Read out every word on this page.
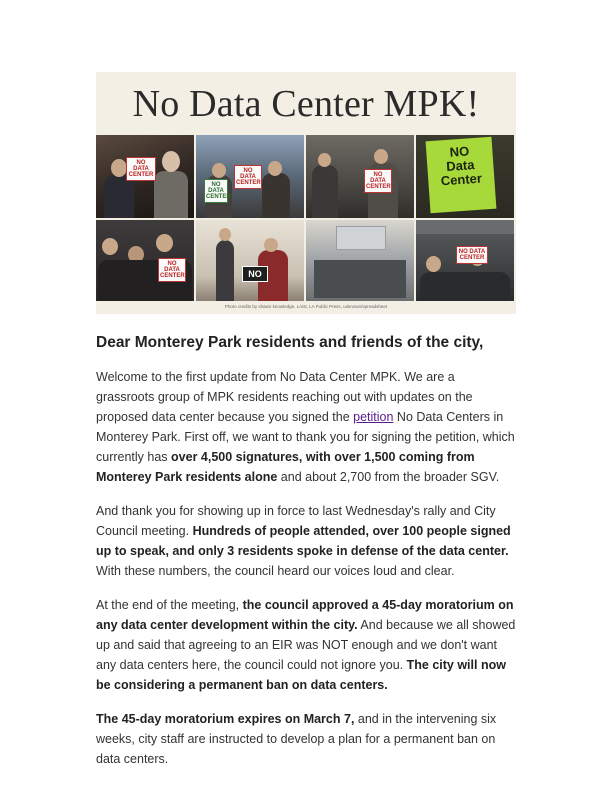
No Data Center MPK!
NO DATA CENTER
NO DATA CENTER
NO DATA CENTER
NO DATA CENTER
NO
Data
Center
NO DATA CENTER	NO
NO DATA CENTER
Photo credits by shawn knowledge, LAist, LA Public Press, unknown/spreadsheet
Dear Monterey Park residents and friends of the city,

Welcome to the first update from No Data Center MPK. We are a grassroots group of MPK residents reaching out with updates on the proposed data center because you signed the petition No Data Centers in Monterey Park. First off, we want to thank you for signing the petition, which currently has over 4,500 signatures, with over 1,500 coming from Monterey Park residents alone and about 2,700 from the broader SGV.

And thank you for showing up in force to last Wednesday's rally and City Council meeting. Hundreds of people attended, over 100 people signed up to speak, and only 3 residents spoke in defense of the data center. With these numbers, the council heard our voices loud and clear.

At the end of the meeting, the council approved a 45-day moratorium on any data center development within the city. And because we all showed up and said that agreeing to an EIR was NOT enough and we don't want any data centers here, the council could not ignore you. The city will now be considering a permanent ban on data centers.

The 45-day moratorium expires on March 7, and in the intervening six weeks, city staff are instructed to develop a plan for a permanent ban on data centers.
